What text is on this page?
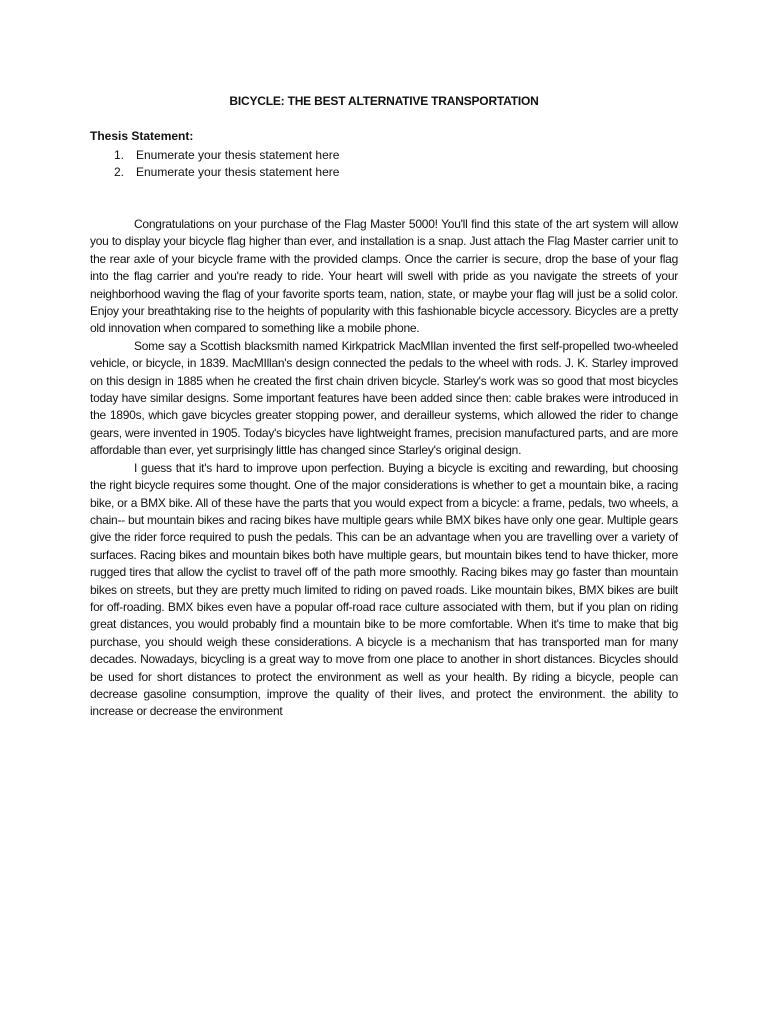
BICYCLE: THE BEST ALTERNATIVE TRANSPORTATION
Thesis Statement:
1. Enumerate your thesis statement here
2. Enumerate your thesis statement here

Congratulations on your purchase of the Flag Master 5000! You'll find this state of the art system will allow you to display your bicycle flag higher than ever, and installation is a snap. Just attach the Flag Master carrier unit to the rear axle of your bicycle frame with the provided clamps. Once the carrier is secure, drop the base of your flag into the flag carrier and you're ready to ride. Your heart will swell with pride as you navigate the streets of your neighborhood waving the flag of your favorite sports team, nation, state, or maybe your flag will just be a solid color. Enjoy your breathtaking rise to the heights of popularity with this fashionable bicycle accessory. Bicycles are a pretty old innovation when compared to something like a mobile phone.

Some say a Scottish blacksmith named Kirkpatrick MacMIlan invented the first self-propelled two-wheeled vehicle, or bicycle, in 1839. MacMIllan's design connected the pedals to the wheel with rods. J. K. Starley improved on this design in 1885 when he created the first chain driven bicycle. Starley's work was so good that most bicycles today have similar designs. Some important features have been added since then: cable brakes were introduced in the 1890s, which gave bicycles greater stopping power, and derailleur systems, which allowed the rider to change gears, were invented in 1905. Today's bicycles have lightweight frames, precision manufactured parts, and are more affordable than ever, yet surprisingly little has changed since Starley's original design.

I guess that it's hard to improve upon perfection. Buying a bicycle is exciting and rewarding, but choosing the right bicycle requires some thought. One of the major considerations is whether to get a mountain bike, a racing bike, or a BMX bike. All of these have the parts that you would expect from a bicycle: a frame, pedals, two wheels, a chain-- but mountain bikes and racing bikes have multiple gears while BMX bikes have only one gear. Multiple gears give the rider force required to push the pedals. This can be an advantage when you are travelling over a variety of surfaces. Racing bikes and mountain bikes both have multiple gears, but mountain bikes tend to have thicker, more rugged tires that allow the cyclist to travel off of the path more smoothly. Racing bikes may go faster than mountain bikes on streets, but they are pretty much limited to riding on paved roads. Like mountain bikes, BMX bikes are built for off-roading. BMX bikes even have a popular off-road race culture associated with them, but if you plan on riding great distances, you would probably find a mountain bike to be more comfortable. When it's time to make that big purchase, you should weigh these considerations. A bicycle is a mechanism that has transported man for many decades. Nowadays, bicycling is a great way to move from one place to another in short distances. Bicycles should be used for short distances to protect the environment as well as your health. By riding a bicycle, people can decrease gasoline consumption, improve the quality of their lives, and protect the environment. the ability to increase or decrease the environment
